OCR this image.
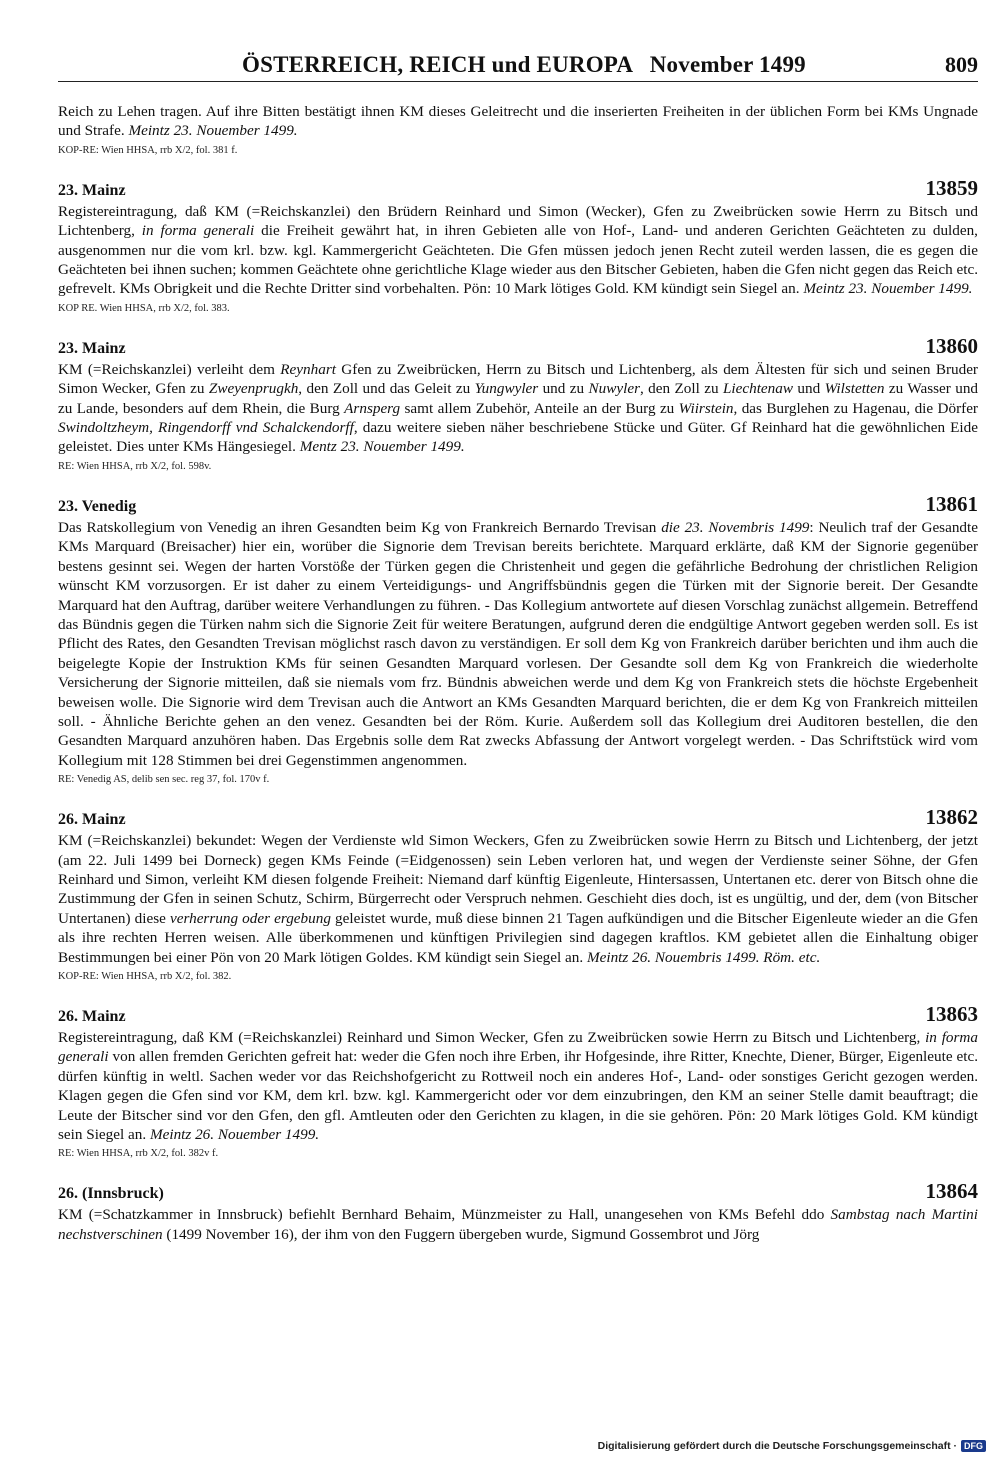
ÖSTERREICH, REICH und EUROPA   November 1499	809

Reich zu Lehen tragen. Auf ihre Bitten bestätigt ihnen KM dieses Geleitrecht und die inserierten Freiheiten in der üblichen Form bei KMs Ungnade und Strafe. Meintz 23. Nouember 1499.

KOP-RE: Wien HHSA, rrb X/2, fol. 381 f.

23. Mainz	13859

Registereintragung, daß KM (=Reichskanzlei) den Brüdern Reinhard und Simon (Wecker), Gfen zu Zweibrücken sowie Herrn zu Bitsch und Lichtenberg, in forma generali die Freiheit gewährt hat, in ihren Gebieten alle von Hof-, Land- und anderen Gerichten Geächteten zu dulden, ausgenommen nur die vom krl. bzw. kgl. Kammergericht Geächteten. Die Gfen müssen jedoch jenen Recht zuteil werden lassen, die es gegen die Geächteten bei ihnen suchen; kommen Geächtete ohne gerichtliche Klage wieder aus den Bitscher Gebieten, haben die Gfen nicht gegen das Reich etc. gefrevelt. KMs Obrigkeit und die Rechte Dritter sind vorbehalten. Pön: 10 Mark lötiges Gold. KM kündigt sein Siegel an. Meintz 23. Nouember 1499.

KOP RE. Wien HHSA, rrb X/2, fol. 383.

23. Mainz	13860

KM (=Reichskanzlei) verleiht dem Reynhart Gfen zu Zweibrücken, Herrn zu Bitsch und Lichtenberg, als dem Ältesten für sich und seinen Bruder Simon Wecker, Gfen zu Zweyenprugkh, den Zoll und das Geleit zu Yungwyler und zu Nuwyler, den Zoll zu Liechtenaw und Wilstetten zu Wasser und zu Lande, besonders auf dem Rhein, die Burg Arnsperg samt allem Zubehör, Anteile an der Burg zu Wiirstein, das Burglehen zu Hagenau, die Dörfer Swindoltzheym, Ringendorff vnd Schalckendorff, dazu weitere sieben näher beschriebene Stücke und Güter. Gf Reinhard hat die gewöhnlichen Eide geleistet. Dies unter KMs Hängesiegel. Mentz 23. Nouember 1499.

RE: Wien HHSA, rrb X/2, fol. 598v.

23. Venedig	13861

Das Ratskollegium von Venedig an ihren Gesandten beim Kg von Frankreich Bernardo Trevisan die 23. Novembris 1499: Neulich traf der Gesandte KMs Marquard (Breisacher) hier ein, worüber die Signorie dem Trevisan bereits berichtete. Marquard erklärte, daß KM der Signorie gegenüber bestens gesinnt sei. Wegen der harten Vorstöße der Türken gegen die Christenheit und gegen die gefährliche Bedrohung der christlichen Religion wünscht KM vorzusorgen. Er ist daher zu einem Verteidigungs- und Angriffsbündnis gegen die Türken mit der Signorie bereit. Der Gesandte Marquard hat den Auftrag, darüber weitere Verhandlungen zu führen. - Das Kollegium antwortete auf diesen Vorschlag zunächst allgemein. Betreffend das Bündnis gegen die Türken nahm sich die Signorie Zeit für weitere Beratungen, aufgrund deren die endgültige Antwort gegeben werden soll. Es ist Pflicht des Rates, den Gesandten Trevisan möglichst rasch davon zu verständigen. Er soll dem Kg von Frankreich darüber berichten und ihm auch die beigelegte Kopie der Instruktion KMs für seinen Gesandten Marquard vorlesen. Der Gesandte soll dem Kg von Frankreich die wiederholte Versicherung der Signorie mitteilen, daß sie niemals vom frz. Bündnis abweichen werde und dem Kg von Frankreich stets die höchste Ergebenheit beweisen wolle. Die Signorie wird dem Trevisan auch die Antwort an KMs Gesandten Marquard berichten, die er dem Kg von Frankreich mitteilen soll. - Ähnliche Berichte gehen an den venez. Gesandten bei der Röm. Kurie. Außerdem soll das Kollegium drei Auditoren bestellen, die den Gesandten Marquard anzuhören haben. Das Ergebnis solle dem Rat zwecks Abfassung der Antwort vorgelegt werden. - Das Schriftstück wird vom Kollegium mit 128 Stimmen bei drei Gegenstimmen angenommen.

RE: Venedig AS, delib sen sec. reg 37, fol. 170v f.

26. Mainz	13862

KM (=Reichskanzlei) bekundet: Wegen der Verdienste wld Simon Weckers, Gfen zu Zweibrücken sowie Herrn zu Bitsch und Lichtenberg, der jetzt (am 22. Juli 1499 bei Dorneck) gegen KMs Feinde (=Eidgenossen) sein Leben verloren hat, und wegen der Verdienste seiner Söhne, der Gfen Reinhard und Simon, verleiht KM diesen folgende Freiheit: Niemand darf künftig Eigenleute, Hintersassen, Untertanen etc. derer von Bitsch ohne die Zustimmung der Gfen in seinen Schutz, Schirm, Bürgerrecht oder Verspruch nehmen. Geschieht dies doch, ist es ungültig, und der, dem (von Bitscher Untertanen) diese verherrung oder ergebung geleistet wurde, muß diese binnen 21 Tagen aufkündigen und die Bitscher Eigenleute wieder an die Gfen als ihre rechten Herren weisen. Alle überkommenen und künftigen Privilegien sind dagegen kraftlos. KM gebietet allen die Einhaltung obiger Bestimmungen bei einer Pön von 20 Mark lötigen Goldes. KM kündigt sein Siegel an. Meintz 26. Nouembris 1499. Röm. etc.

KOP-RE: Wien HHSA, rrb X/2, fol. 382.

26. Mainz	13863

Registereintragung, daß KM (=Reichskanzlei) Reinhard und Simon Wecker, Gfen zu Zweibrücken sowie Herrn zu Bitsch und Lichtenberg, in forma generali von allen fremden Gerichten gefreit hat: weder die Gfen noch ihre Erben, ihr Hofgesinde, ihre Ritter, Knechte, Diener, Bürger, Eigenleute etc. dürfen künftig in weltl. Sachen weder vor das Reichshofgericht zu Rottweil noch ein anderes Hof-, Land- oder sonstiges Gericht gezogen werden. Klagen gegen die Gfen sind vor KM, dem krl. bzw. kgl. Kammergericht oder vor dem einzubringen, den KM an seiner Stelle damit beauftragt; die Leute der Bitscher sind vor den Gfen, den gfl. Amtleuten oder den Gerichten zu klagen, in die sie gehören. Pön: 20 Mark lötiges Gold. KM kündigt sein Siegel an. Meintz 26. Nouember 1499.

RE: Wien HHSA, rrb X/2, fol. 382v f.

26. (Innsbruck)	13864

KM (=Schatzkammer in Innsbruck) befiehlt Bernhard Behaim, Münzmeister zu Hall, unangesehen von KMs Befehl ddo Sambstag nach Martini nechstverschinen (1499 November 16), der ihm von den Fuggern übergeben wurde, Sigmund Gossembrot und Jörg

Digitalisierung gefördert durch die Deutsche Forschungsgemeinschaft · DFG
